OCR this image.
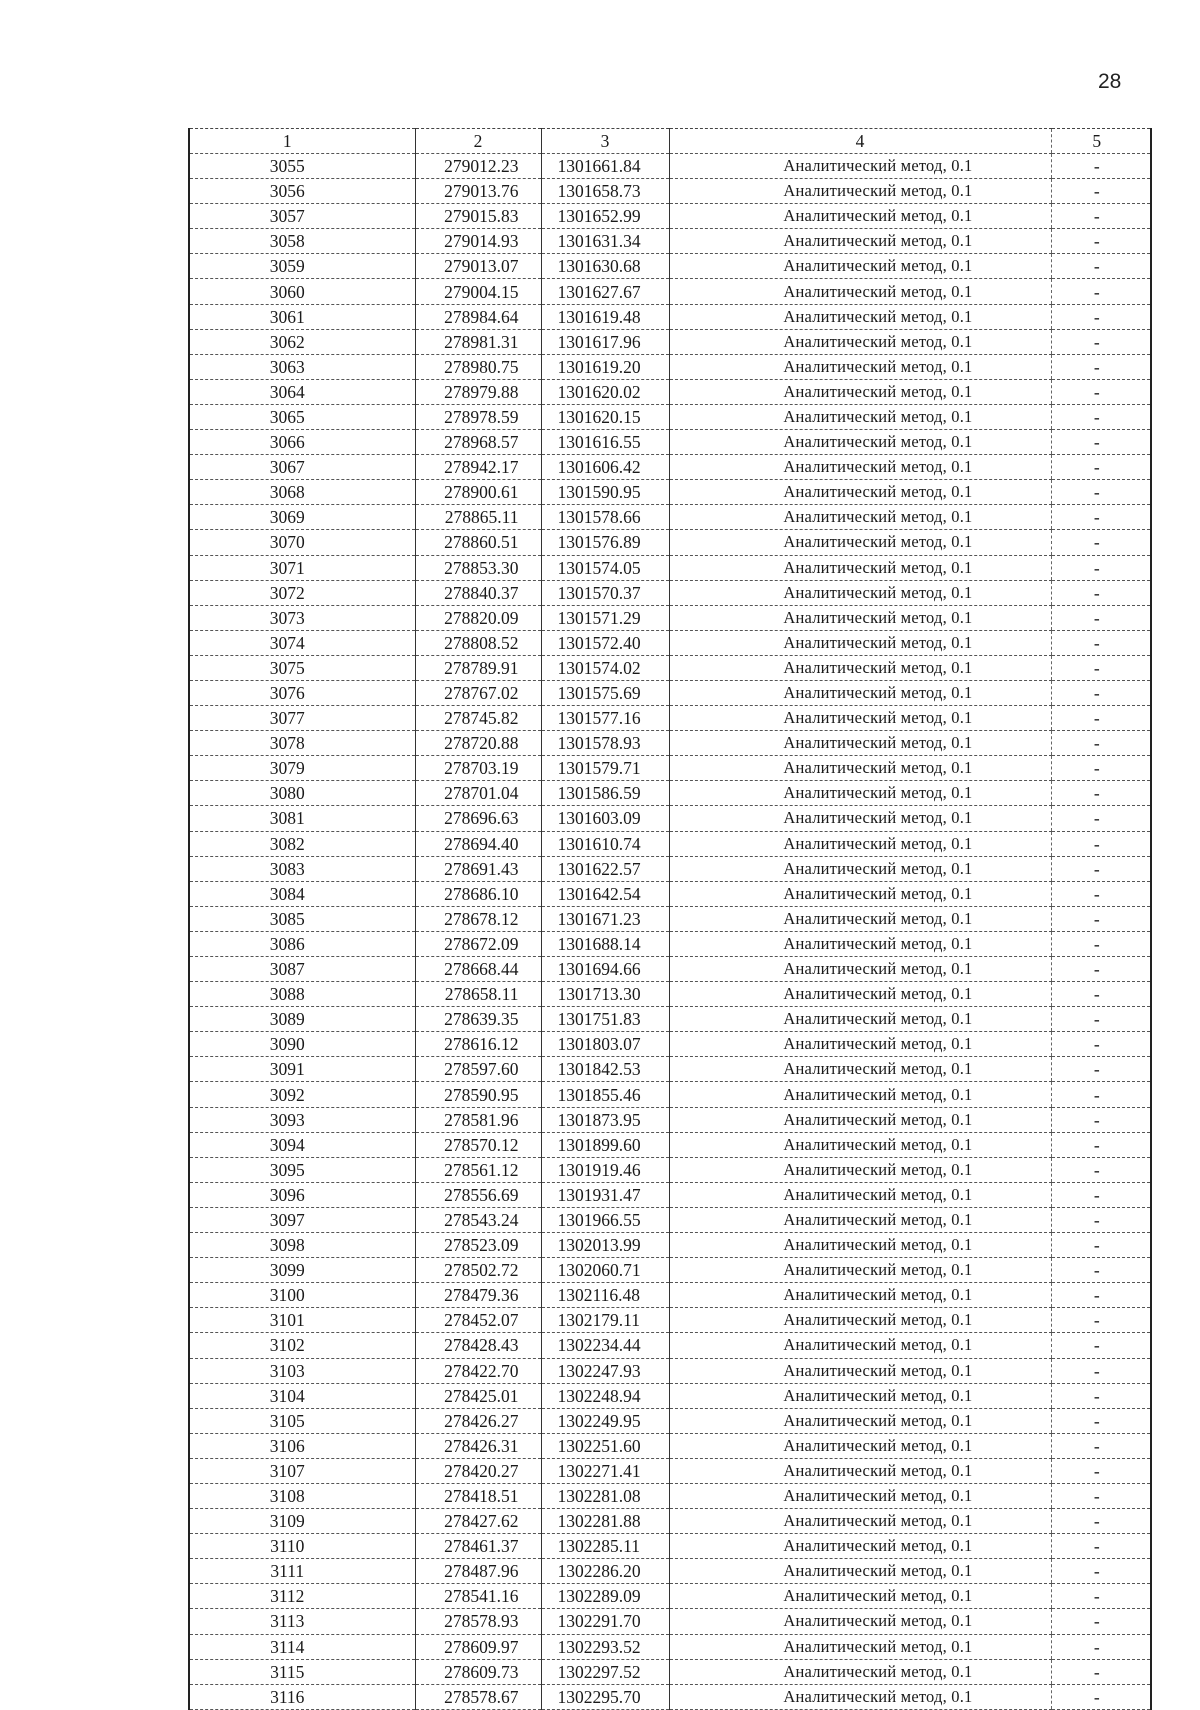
28
1	2	3	4	5
3055	279012.23	1301661.84	Аналитический метод, 0.1	-
3056	279013.76	1301658.73	Аналитический метод, 0.1	-
3057	279015.83	1301652.99	Аналитический метод, 0.1	-
3058	279014.93	1301631.34	Аналитический метод, 0.1	-
3059	279013.07	1301630.68	Аналитический метод, 0.1	-
3060	279004.15	1301627.67	Аналитический метод, 0.1	-
3061	278984.64	1301619.48	Аналитический метод, 0.1	-
3062	278981.31	1301617.96	Аналитический метод, 0.1	-
3063	278980.75	1301619.20	Аналитический метод, 0.1	-
3064	278979.88	1301620.02	Аналитический метод, 0.1	-
3065	278978.59	1301620.15	Аналитический метод, 0.1	-
3066	278968.57	1301616.55	Аналитический метод, 0.1	-
3067	278942.17	1301606.42	Аналитический метод, 0.1	-
3068	278900.61	1301590.95	Аналитический метод, 0.1	-
3069	278865.11	1301578.66	Аналитический метод, 0.1	-
3070	278860.51	1301576.89	Аналитический метод, 0.1	-
3071	278853.30	1301574.05	Аналитический метод, 0.1	-
3072	278840.37	1301570.37	Аналитический метод, 0.1	-
3073	278820.09	1301571.29	Аналитический метод, 0.1	-
3074	278808.52	1301572.40	Аналитический метод, 0.1	-
3075	278789.91	1301574.02	Аналитический метод, 0.1	-
3076	278767.02	1301575.69	Аналитический метод, 0.1	-
3077	278745.82	1301577.16	Аналитический метод, 0.1	-
3078	278720.88	1301578.93	Аналитический метод, 0.1	-
3079	278703.19	1301579.71	Аналитический метод, 0.1	-
3080	278701.04	1301586.59	Аналитический метод, 0.1	-
3081	278696.63	1301603.09	Аналитический метод, 0.1	-
3082	278694.40	1301610.74	Аналитический метод, 0.1	-
3083	278691.43	1301622.57	Аналитический метод, 0.1	-
3084	278686.10	1301642.54	Аналитический метод, 0.1	-
3085	278678.12	1301671.23	Аналитический метод, 0.1	-
3086	278672.09	1301688.14	Аналитический метод, 0.1	-
3087	278668.44	1301694.66	Аналитический метод, 0.1	-
3088	278658.11	1301713.30	Аналитический метод, 0.1	-
3089	278639.35	1301751.83	Аналитический метод, 0.1	-
3090	278616.12	1301803.07	Аналитический метод, 0.1	-
3091	278597.60	1301842.53	Аналитический метод, 0.1	-
3092	278590.95	1301855.46	Аналитический метод, 0.1	-
3093	278581.96	1301873.95	Аналитический метод, 0.1	-
3094	278570.12	1301899.60	Аналитический метод, 0.1	-
3095	278561.12	1301919.46	Аналитический метод, 0.1	-
3096	278556.69	1301931.47	Аналитический метод, 0.1	-
3097	278543.24	1301966.55	Аналитический метод, 0.1	-
3098	278523.09	1302013.99	Аналитический метод, 0.1	-
3099	278502.72	1302060.71	Аналитический метод, 0.1	-
3100	278479.36	1302116.48	Аналитический метод, 0.1	-
3101	278452.07	1302179.11	Аналитический метод, 0.1	-
3102	278428.43	1302234.44	Аналитический метод, 0.1	-
3103	278422.70	1302247.93	Аналитический метод, 0.1	-
3104	278425.01	1302248.94	Аналитический метод, 0.1	-
3105	278426.27	1302249.95	Аналитический метод, 0.1	-
3106	278426.31	1302251.60	Аналитический метод, 0.1	-
3107	278420.27	1302271.41	Аналитический метод, 0.1	-
3108	278418.51	1302281.08	Аналитический метод, 0.1	-
3109	278427.62	1302281.88	Аналитический метод, 0.1	-
3110	278461.37	1302285.11	Аналитический метод, 0.1	-
3111	278487.96	1302286.20	Аналитический метод, 0.1	-
3112	278541.16	1302289.09	Аналитический метод, 0.1	-
3113	278578.93	1302291.70	Аналитический метод, 0.1	-
3114	278609.97	1302293.52	Аналитический метод, 0.1	-
3115	278609.73	1302297.52	Аналитический метод, 0.1	-
3116	278578.67	1302295.70	Аналитический метод, 0.1	-
